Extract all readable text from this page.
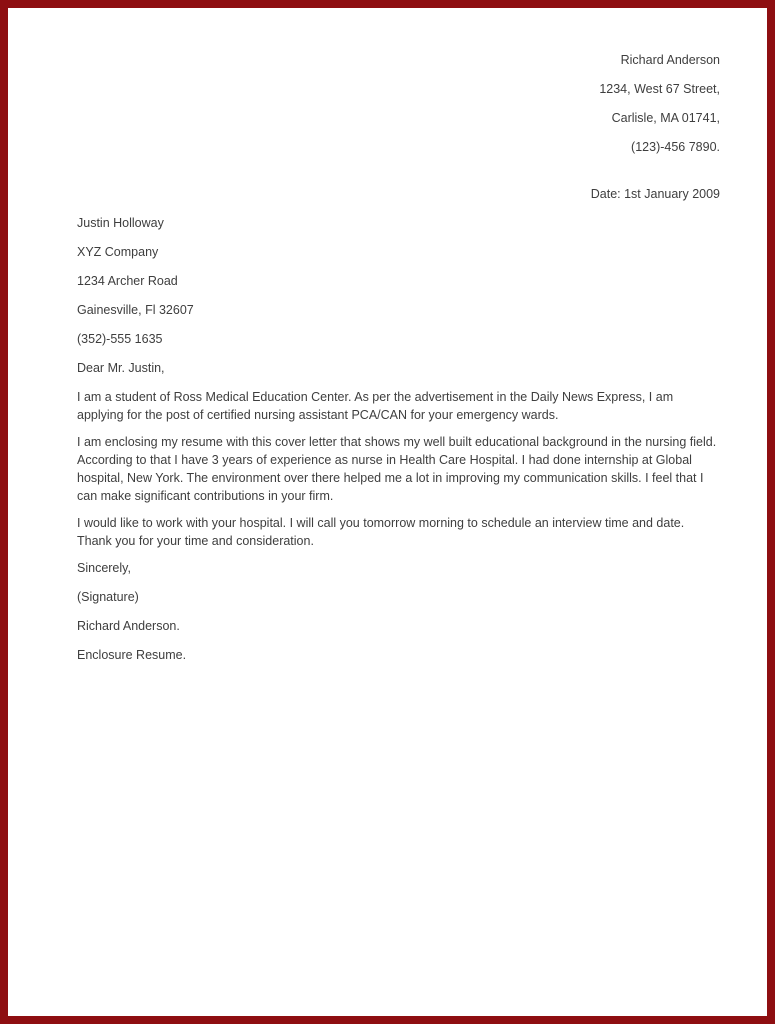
Richard Anderson
1234, West 67 Street,
Carlisle, MA 01741,
(123)-456 7890.
Date: 1st January 2009
Justin Holloway
XYZ Company
1234 Archer Road
Gainesville, Fl 32607
(352)-555 1635
Dear Mr. Justin,

I am a student of Ross Medical Education Center. As per the advertisement in the Daily News Express, I am applying for the post of certified nursing assistant PCA/CAN for your emergency wards.

I am enclosing my resume with this cover letter that shows my well built educational background in the nursing field. According to that I have 3 years of experience as nurse in Health Care Hospital. I had done internship at Global hospital, New York. The environment over there helped me a lot in improving my communication skills. I feel that I can make significant contributions in your firm.

I would like to work with your hospital. I will call you tomorrow morning to schedule an interview time and date. Thank you for your time and consideration.

Sincerely,
(Signature)
Richard Anderson.
Enclosure Resume.
